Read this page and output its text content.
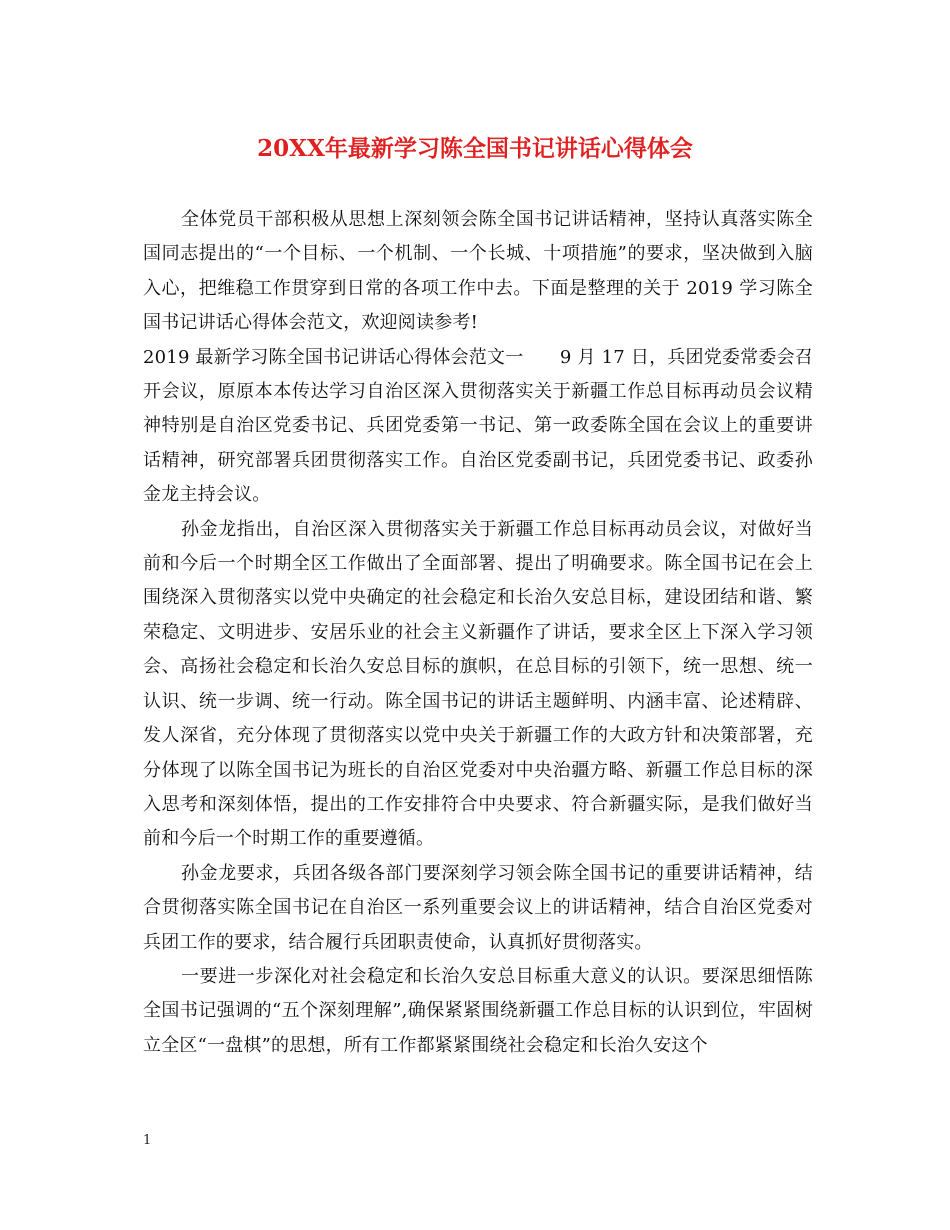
20XX年最新学习陈全国书记讲话心得体会

全体党员干部积极从思想上深刻领会陈全国书记讲话精神，坚持认真落实陈全国同志提出的“一个目标、一个机制、一个长城、十项措施”的要求，坚决做到入脑入心，把维稳工作贯穿到日常的各项工作中去。下面是整理的关于 2019 学习陈全国书记讲话心得体会范文，欢迎阅读参考!

2019 最新学习陈全国书记讲话心得体会范文一　　9 月 17 日，兵团党委常委会召开会议，原原本本传达学习自治区深入贯彻落实关于新疆工作总目标再动员会议精神特别是自治区党委书记、兵团党委第一书记、第一政委陈全国在会议上的重要讲话精神，研究部署兵团贯彻落实工作。自治区党委副书记，兵团党委书记、政委孙金龙主持会议。

孙金龙指出，自治区深入贯彻落实关于新疆工作总目标再动员会议，对做好当前和今后一个时期全区工作做出了全面部署、提出了明确要求。陈全国书记在会上围绕深入贯彻落实以党中央确定的社会稳定和长治久安总目标，建设团结和谐、繁荣稳定、文明进步、安居乐业的社会主义新疆作了讲话，要求全区上下深入学习领会、高扬社会稳定和长治久安总目标的旗帜，在总目标的引领下，统一思想、统一认识、统一步调、统一行动。陈全国书记的讲话主题鲜明、内涵丰富、论述精辟、发人深省，充分体现了贯彻落实以党中央关于新疆工作的大政方针和决策部署，充分体现了以陈全国书记为班长的自治区党委对中央治疆方略、新疆工作总目标的深入思考和深刻体悟，提出的工作安排符合中央要求、符合新疆实际，是我们做好当前和今后一个时期工作的重要遵循。

孙金龙要求，兵团各级各部门要深刻学习领会陈全国书记的重要讲话精神，结合贯彻落实陈全国书记在自治区一系列重要会议上的讲话精神，结合自治区党委对兵团工作的要求，结合履行兵团职责使命，认真抓好贯彻落实。

一要进一步深化对社会稳定和长治久安总目标重大意义的认识。要深思细悟陈全国书记强调的“五个深刻理解”,确保紧紧围绕新疆工作总目标的认识到位，牢固树立全区“一盘棋”的思想，所有工作都紧紧围绕社会稳定和长治久安这个

1
